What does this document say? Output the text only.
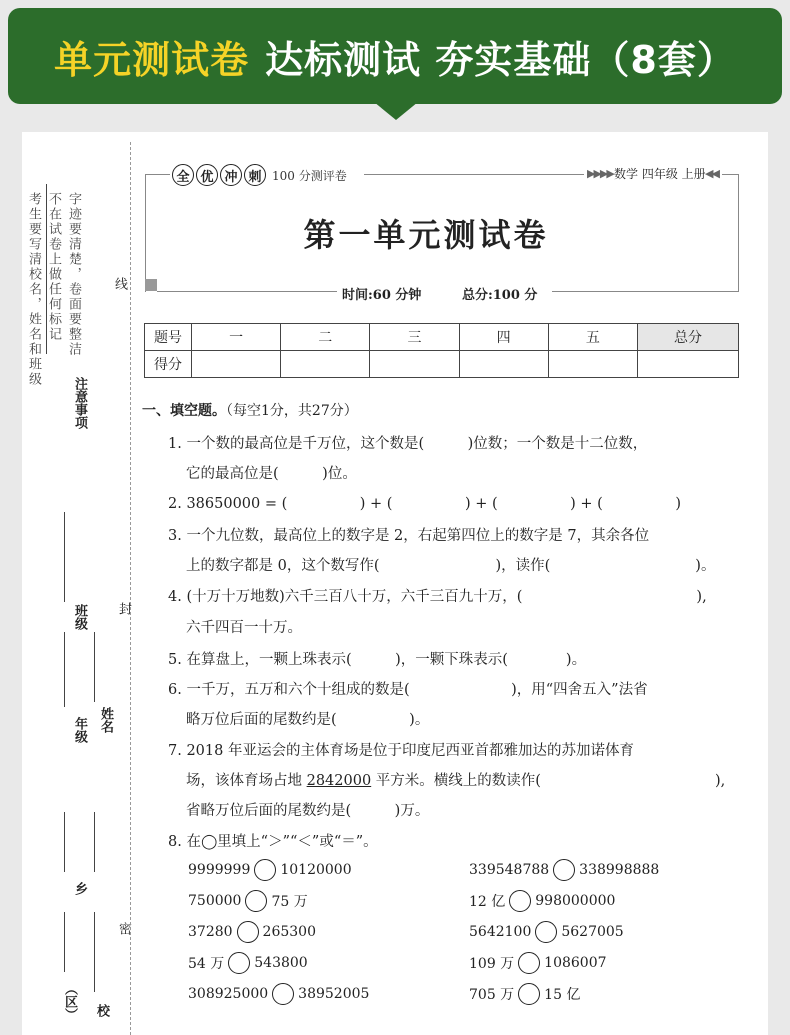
单元测试卷 达标测试 夯实基础（8套）
考生要写清校名，姓名和班级 不在试卷上做任何标记 字迹要清楚，卷面要整洁
注意事项
线
班级 封
年级 姓名
乡
密
（区） 校
全 优 冲 刺 100 分测评卷	▶▶▶▶ 数学 四年级 上册 ◀◀
第一单元测试卷
时间:60 分钟	总分:100 分
题号	一	二	三	四	五	总分
得分						
一、填空题。（每空1分，共27分）
1. 一个数的最高位是千万位，这个数是(　　　)位数；一个数是十二位数，
它的最高位是(　　　)位。
2. 38650000 = (　　　　　) + (　　　　　) + (　　　　　) + (　　　　　)
3. 一个九位数，最高位上的数字是 2，右起第四位上的数字是 7，其余各位
上的数字都是 0，这个数写作(　　　　　　　　)，读作(　　　　　　　　　　)。
4. (十万十万地数)六千三百八十万，六千三百九十万，(　　　　　　　　　　　　),
六千四百一十万。
5. 在算盘上，一颗上珠表示(　　　)，一颗下珠表示(　　　　)。
6. 一千万，五万和六个十组成的数是(　　　　　　　)，用“四舍五入”法省
略万位后面的尾数约是(　　　　　)。
7. 2018 年亚运会的主体育场是位于印度尼西亚首都雅加达的苏加诺体育
场，该体育场占地 2842000 平方米。横线上的数读作(　　　　　　　　　　　　),
省略万位后面的尾数约是(　　　)万。
8. 在◯里填上“＞”“＜”或“＝”。
9999999 10120000	339548788 338998888
750000 75 万	12 亿 998000000
37280 265300	5642100 5627005
54 万 543800	109 万 1086007
308925000 38952005	705 万 15 亿
